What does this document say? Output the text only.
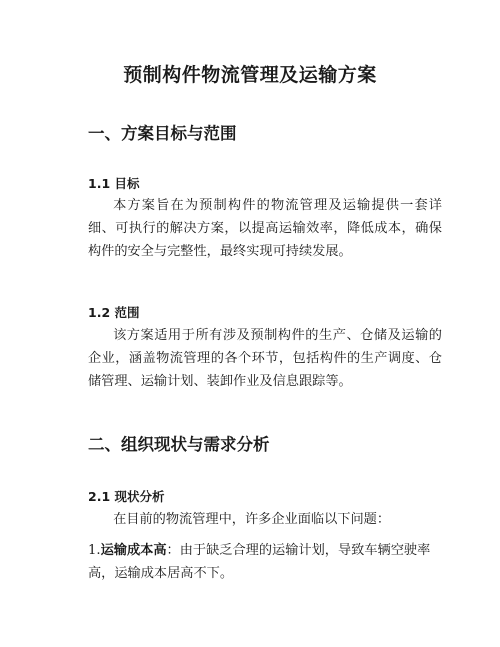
预制构件物流管理及运输方案
一、方案目标与范围
1.1 目标
本方案旨在为预制构件的物流管理及运输提供一套详细、可执行的解决方案，以提高运输效率，降低成本，确保构件的安全与完整性，最终实现可持续发展。
1.2 范围
该方案适用于所有涉及预制构件的生产、仓储及运输的企业，涵盖物流管理的各个环节，包括构件的生产调度、仓储管理、运输计划、装卸作业及信息跟踪等。
二、组织现状与需求分析
2.1 现状分析
在目前的物流管理中，许多企业面临以下问题：
1.运输成本高：由于缺乏合理的运输计划，导致车辆空驶率高，运输成本居高不下。
